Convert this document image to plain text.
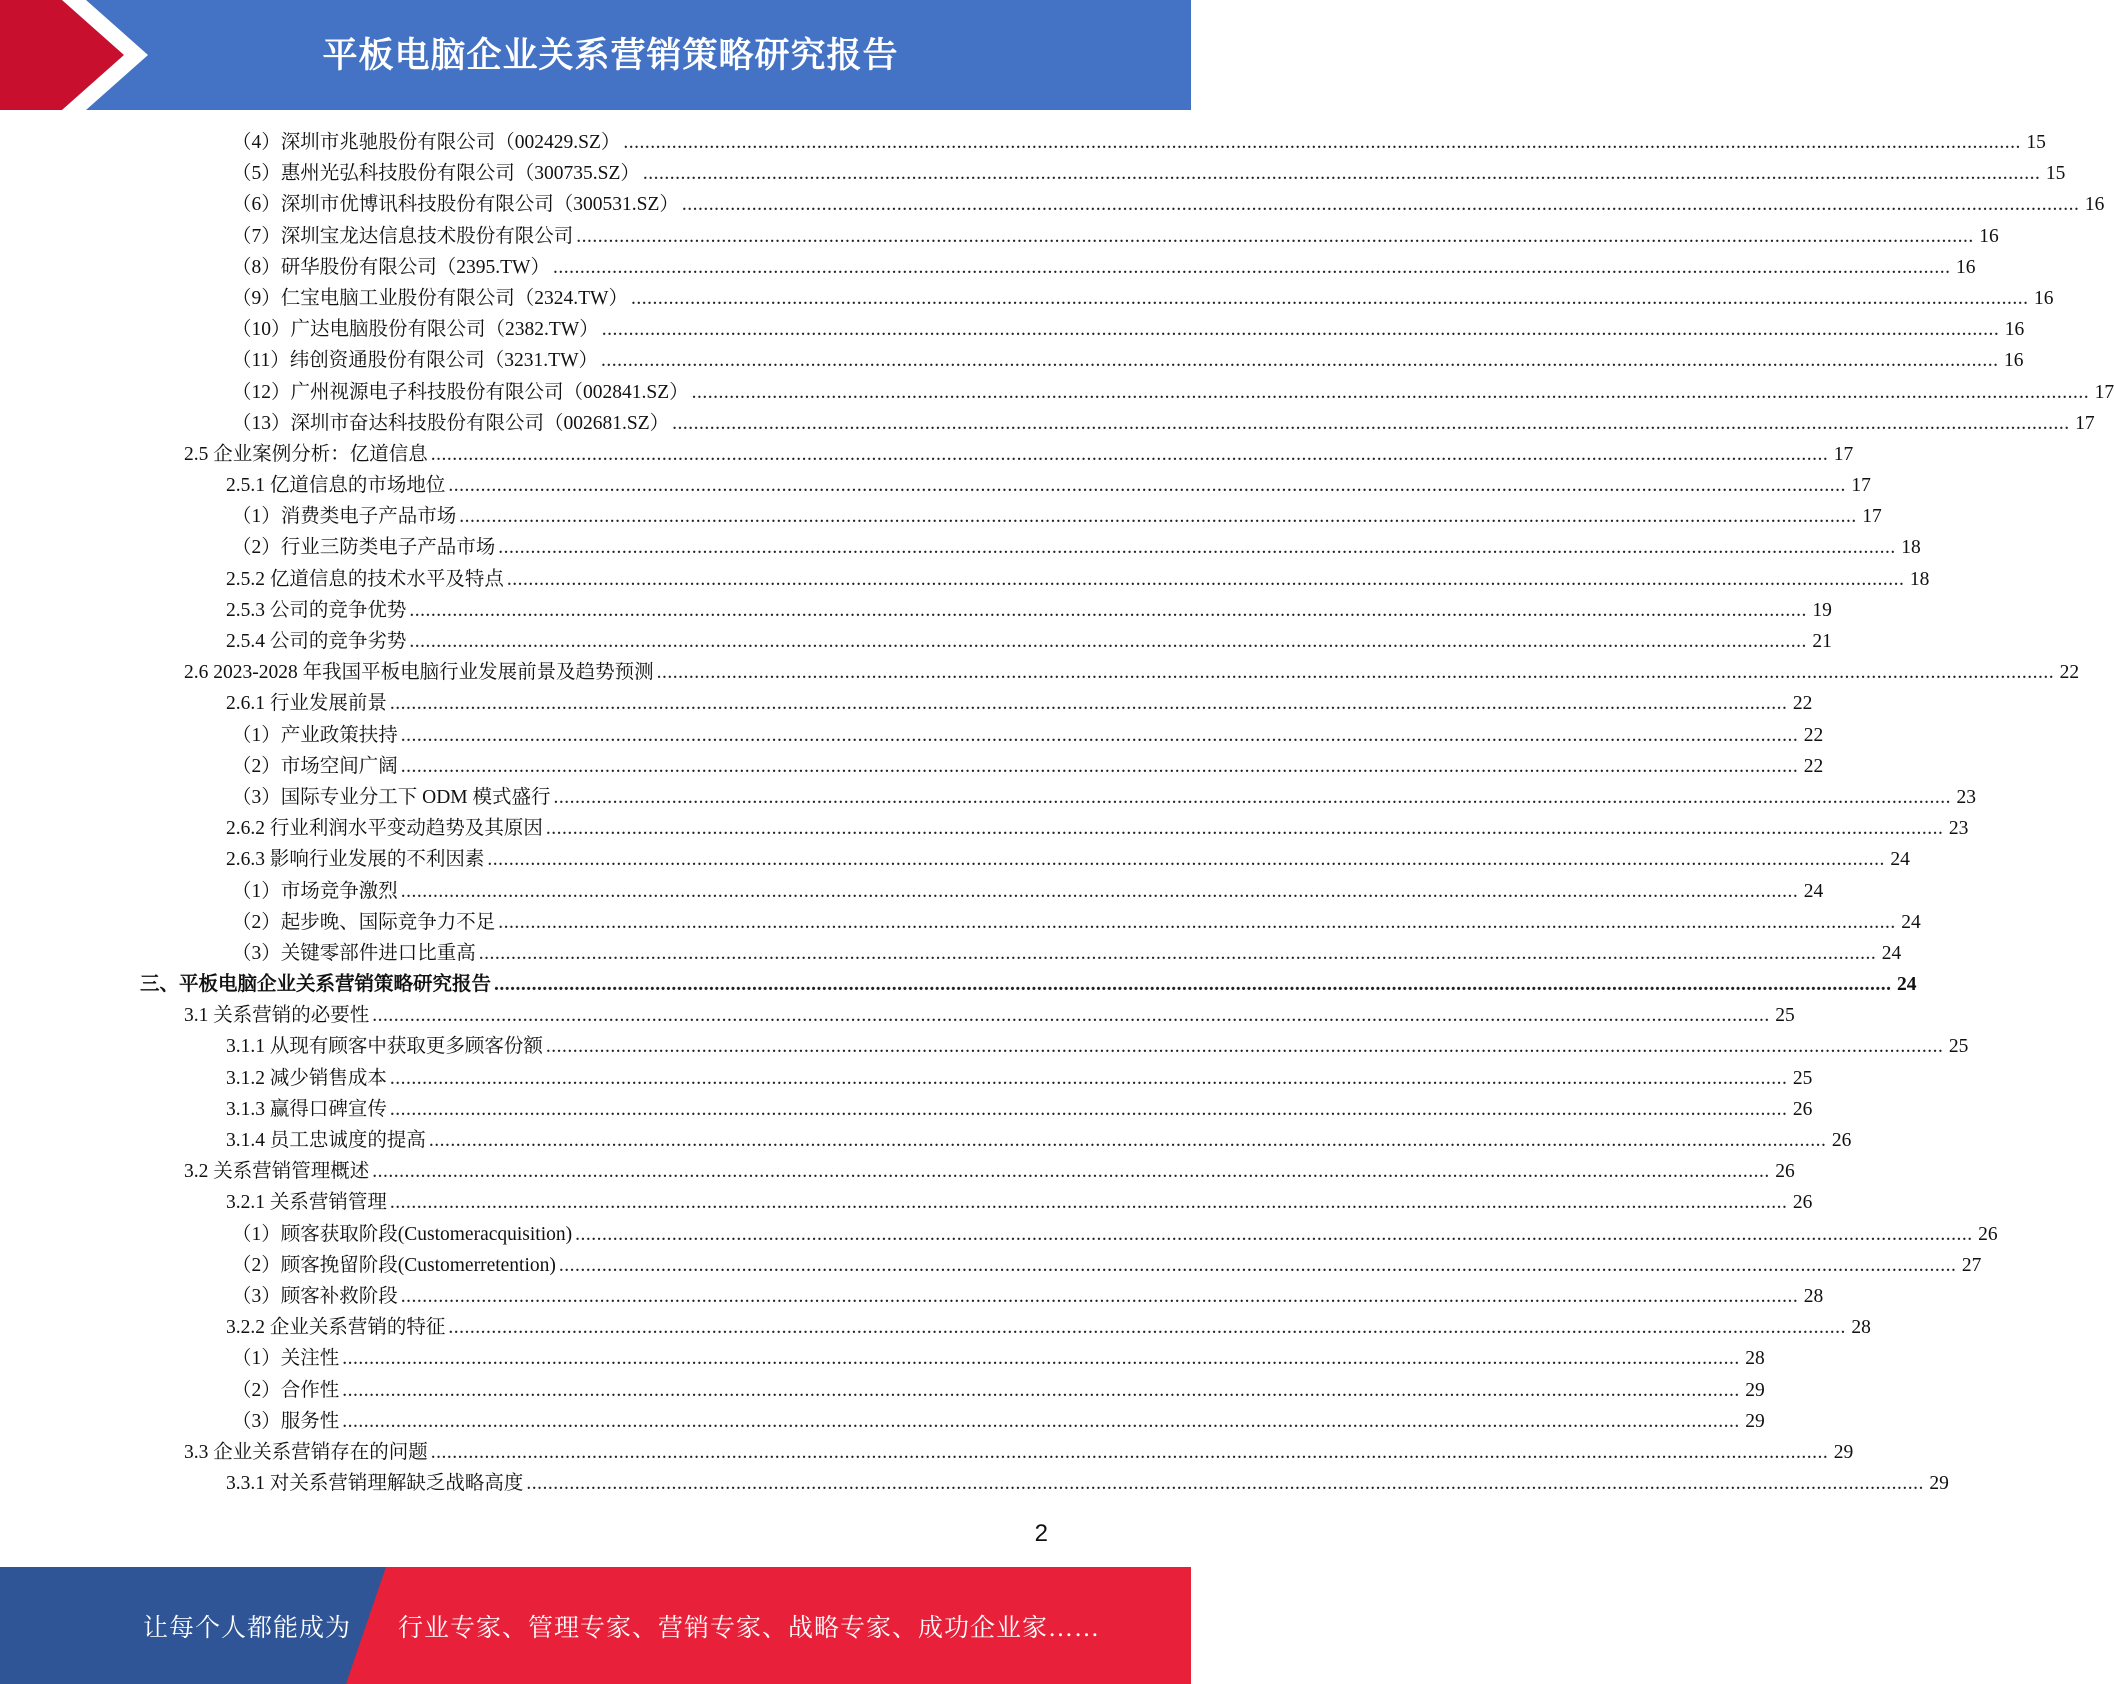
平板电脑企业关系营销策略研究报告
（4）深圳市兆驰股份有限公司（002429.SZ） .................................................................................................................................................................................................................................................................... 15
（5）惠州光弘科技股份有限公司（300735.SZ） .................................................................................................................................................................................................................................................................... 15
（6）深圳市优博讯科技股份有限公司（300531.SZ） .................................................................................................................................................................................................................................................................... 16
（7）深圳宝龙达信息技术股份有限公司 .................................................................................................................................................................................................................................................................... 16
（8）研华股份有限公司（2395.TW） .................................................................................................................................................................................................................................................................... 16
（9）仁宝电脑工业股份有限公司（2324.TW） .................................................................................................................................................................................................................................................................... 16
（10）广达电脑股份有限公司（2382.TW） .................................................................................................................................................................................................................................................................... 16
（11）纬创资通股份有限公司（3231.TW） .................................................................................................................................................................................................................................................................... 16
（12）广州视源电子科技股份有限公司（002841.SZ） .................................................................................................................................................................................................................................................................... 17
（13）深圳市奋达科技股份有限公司（002681.SZ） .................................................................................................................................................................................................................................................................... 17
2.5 企业案例分析：亿道信息 .................................................................................................................................................................................................................................................................... 17
2.5.1 亿道信息的市场地位 .................................................................................................................................................................................................................................................................... 17
（1）消费类电子产品市场 .................................................................................................................................................................................................................................................................... 17
（2）行业三防类电子产品市场 .................................................................................................................................................................................................................................................................... 18
2.5.2 亿道信息的技术水平及特点 .................................................................................................................................................................................................................................................................... 18
2.5.3 公司的竞争优势 .................................................................................................................................................................................................................................................................... 19
2.5.4 公司的竞争劣势 .................................................................................................................................................................................................................................................................... 21
2.6 2023-2028 年我国平板电脑行业发展前景及趋势预测 .................................................................................................................................................................................................................................................................... 22
2.6.1 行业发展前景 .................................................................................................................................................................................................................................................................... 22
（1）产业政策扶持 .................................................................................................................................................................................................................................................................... 22
（2）市场空间广阔 .................................................................................................................................................................................................................................................................... 22
（3）国际专业分工下 ODM 模式盛行 .................................................................................................................................................................................................................................................................... 23
2.6.2 行业利润水平变动趋势及其原因 .................................................................................................................................................................................................................................................................... 23
2.6.3 影响行业发展的不利因素 .................................................................................................................................................................................................................................................................... 24
（1）市场竞争激烈 .................................................................................................................................................................................................................................................................... 24
（2）起步晚、国际竞争力不足 .................................................................................................................................................................................................................................................................... 24
（3）关键零部件进口比重高 .................................................................................................................................................................................................................................................................... 24
三、平板电脑企业关系营销策略研究报告 .................................................................................................................................................................................................................................................................... 24
3.1 关系营销的必要性 .................................................................................................................................................................................................................................................................... 25
3.1.1 从现有顾客中获取更多顾客份额 .................................................................................................................................................................................................................................................................... 25
3.1.2 减少销售成本 .................................................................................................................................................................................................................................................................... 25
3.1.3 赢得口碑宣传 .................................................................................................................................................................................................................................................................... 26
3.1.4 员工忠诚度的提高 .................................................................................................................................................................................................................................................................... 26
3.2 关系营销管理概述 .................................................................................................................................................................................................................................................................... 26
3.2.1 关系营销管理 .................................................................................................................................................................................................................................................................... 26
（1）顾客获取阶段(Customeracquisition) .................................................................................................................................................................................................................................................................... 26
（2）顾客挽留阶段(Customerretention) .................................................................................................................................................................................................................................................................... 27
（3）顾客补救阶段 .................................................................................................................................................................................................................................................................... 28
3.2.2 企业关系营销的特征 .................................................................................................................................................................................................................................................................... 28
（1）关注性 .................................................................................................................................................................................................................................................................... 28
（2）合作性 .................................................................................................................................................................................................................................................................... 29
（3）服务性 .................................................................................................................................................................................................................................................................... 29
3.3 企业关系营销存在的问题 .................................................................................................................................................................................................................................................................... 29
3.3.1 对关系营销理解缺乏战略高度 .................................................................................................................................................................................................................................................................... 29
2
让每个人都能成为 行业专家、管理专家、营销专家、战略专家、成功企业家……
